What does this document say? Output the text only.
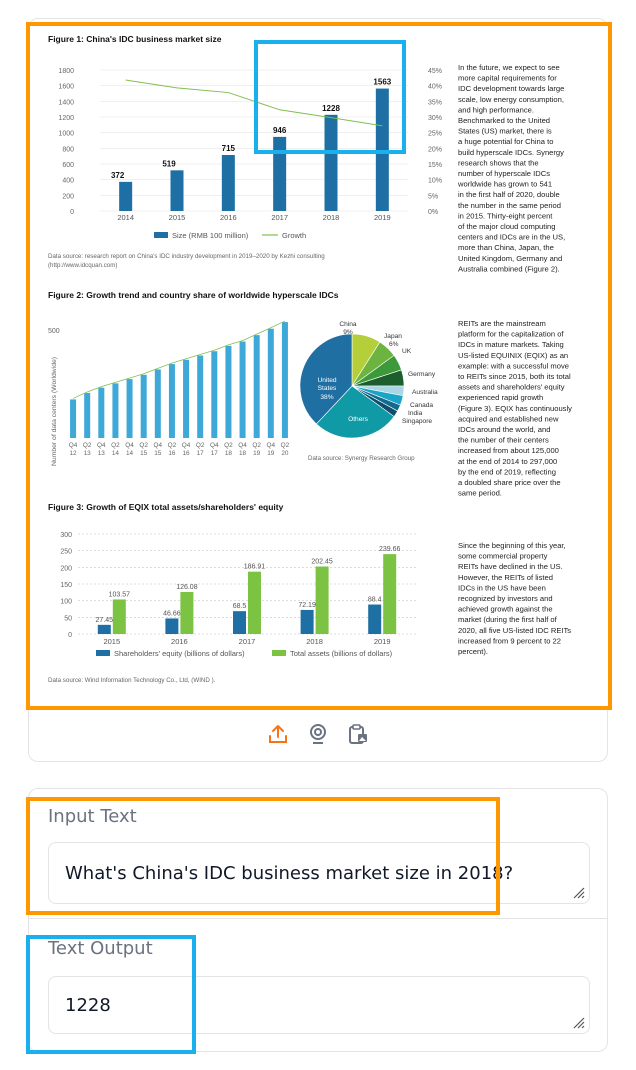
Figure 1: China's IDC business market size
1800	45%
1600	40%
1400	35%
1200	30%
1000	25%
800	20%
600	15%
400	10%
200	5%
0	0%
372
2014
519
2015
715
2016
946
2017
1228
2018
1563
2019
Size (RMB 100 million)	Growth
Data source: research report on China's IDC industry development in 2019–2020 by Kezhi consulting
(http://www.idcquan.com)
Figure 2: Growth trend and country share of worldwide hyperscale IDCs
500
Number of data centers (Worldwide) Q4
12
Q2
13
Q4
13
Q2
14
Q4
14
Q2
15
Q4
15
Q2
16
Q4
16
Q2
17
Q4
17
Q2
18
Q4
18
Q2
19
Q4
19
Q2
20
China
9%
Japan
6%
UK
Germany
Australia
Canada
India
Singapore
United
States
38%
Others
Data source: Synergy Research Group
Figure 3: Growth of EQIX total assets/shareholders' equity
300
250
200
150
100
50
0
27.45
103.57
2015
46.66
126.08
2016
68.5
186.91
2017
72.19
202.45
2018
88.4
239.66
2019
Shareholders' equity (billions of dollars)	Total assets (billions of dollars)
Data source: Wind Information Technology Co., Ltd, (WIND ).
In the future, we expect to see
more capital requirements for
IDC development towards large
scale, low energy consumption,
and high performance.
Benchmarked to the United
States (US) market, there is
a huge potential for China to
build hyperscale IDCs. Synergy
research shows that the
number of hyperscale IDCs
worldwide has grown to 541
in the first half of 2020, double
the number in the same period
in 2015. Thirty-eight percent
of the major cloud computing
centers and IDCs are in the US,
more than China, Japan, the
United Kingdom, Germany and
Australia combined (Figure 2).
REITs are the mainstream
platform for the capitalization of
IDCs in mature markets. Taking
US-listed EQUINIX (EQIX) as an
example: with a successful move
to REITs since 2015, both its total
assets and shareholders' equity
experienced rapid growth
(Figure 3). EQIX has continuously
acquired and established new
IDCs around the world, and
the number of their centers
increased from about 125,000
at the end of 2014 to 297,000
by the end of 2019, reflecting
a doubled share price over the
same period.
Since the beginning of this year,
some commercial property
REITs have declined in the US.
However, the REITs of listed
IDCs in the US have been
recognized by investors and
achieved growth against the
market (during the first half of
2020, all five US-listed IDC REITs
increased from 9 percent to 22
percent).
Input Text
What's China's IDC business market size in 2018?
Text Output
1228
